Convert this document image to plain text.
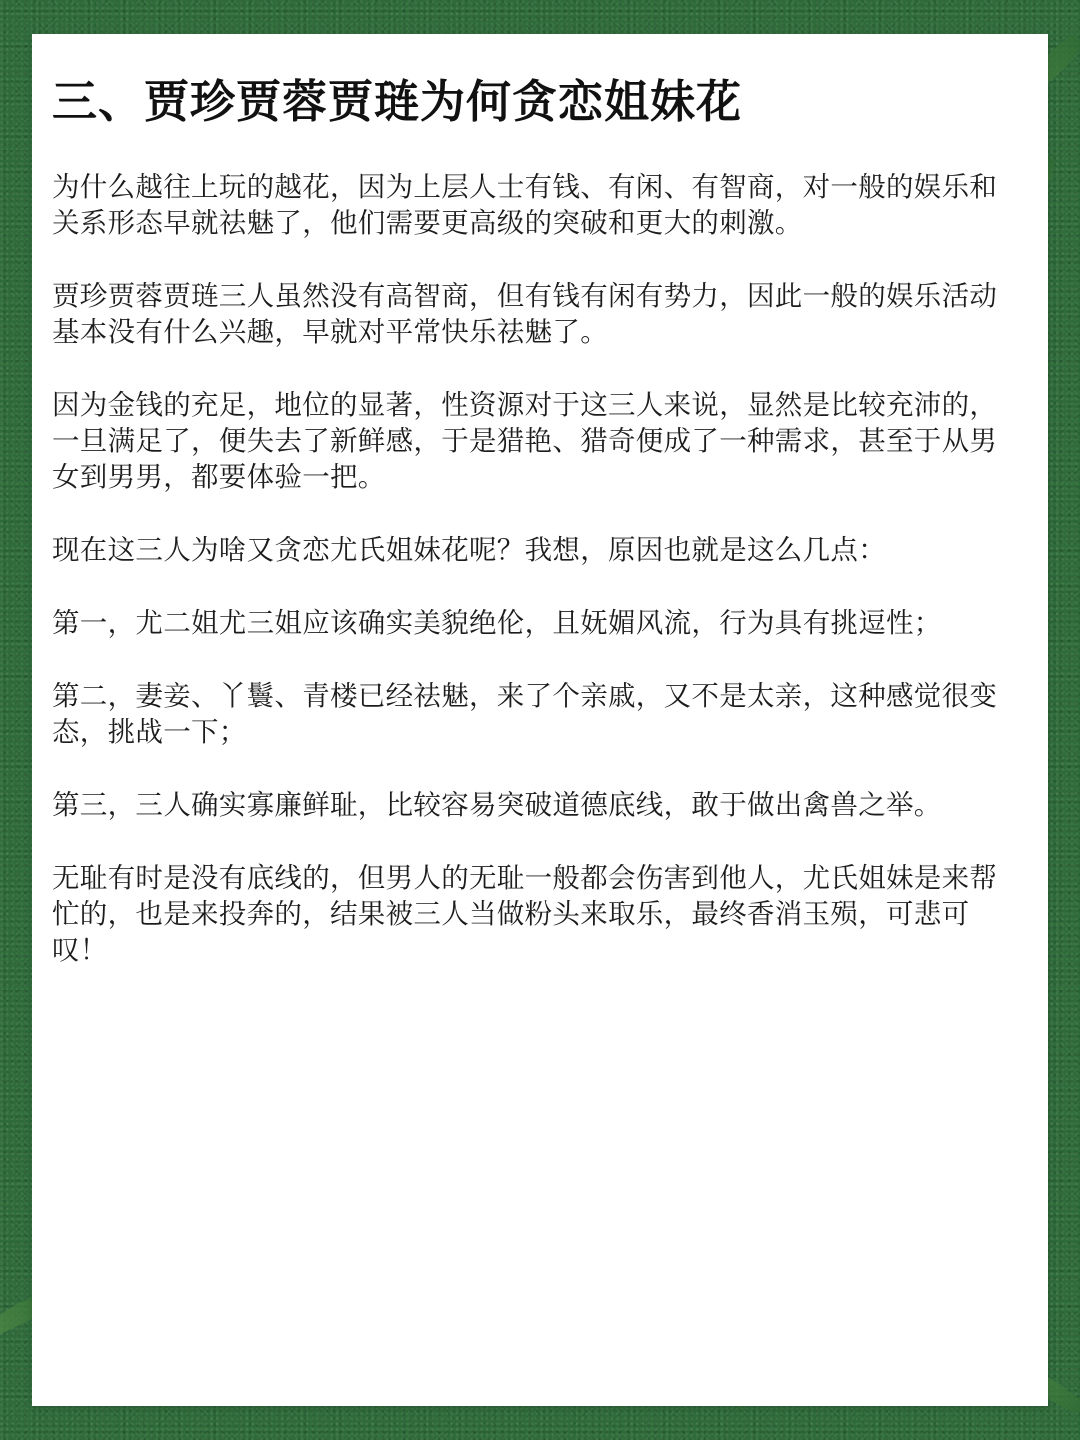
三、贾珍贾蓉贾琏为何贪恋姐妹花

为什么越往上玩的越花，因为上层人士有钱、有闲、有智商，对一般的娱乐和关系形态早就祛魅了，他们需要更高级的突破和更大的刺激。

贾珍贾蓉贾琏三人虽然没有高智商，但有钱有闲有势力，因此一般的娱乐活动基本没有什么兴趣，早就对平常快乐祛魅了。

因为金钱的充足，地位的显著，性资源对于这三人来说，显然是比较充沛的，一旦满足了，便失去了新鲜感，于是猎艳、猎奇便成了一种需求，甚至于从男女到男男，都要体验一把。

现在这三人为啥又贪恋尤氏姐妹花呢？我想，原因也就是这么几点：

第一，尤二姐尤三姐应该确实美貌绝伦，且妩媚风流，行为具有挑逗性；

第二，妻妾、丫鬟、青楼已经祛魅，来了个亲戚，又不是太亲，这种感觉很变态，挑战一下；

第三，三人确实寡廉鲜耻，比较容易突破道德底线，敢于做出禽兽之举。

无耻有时是没有底线的，但男人的无耻一般都会伤害到他人，尤氏姐妹是来帮忙的，也是来投奔的，结果被三人当做粉头来取乐，最终香消玉殒，可悲可叹！
